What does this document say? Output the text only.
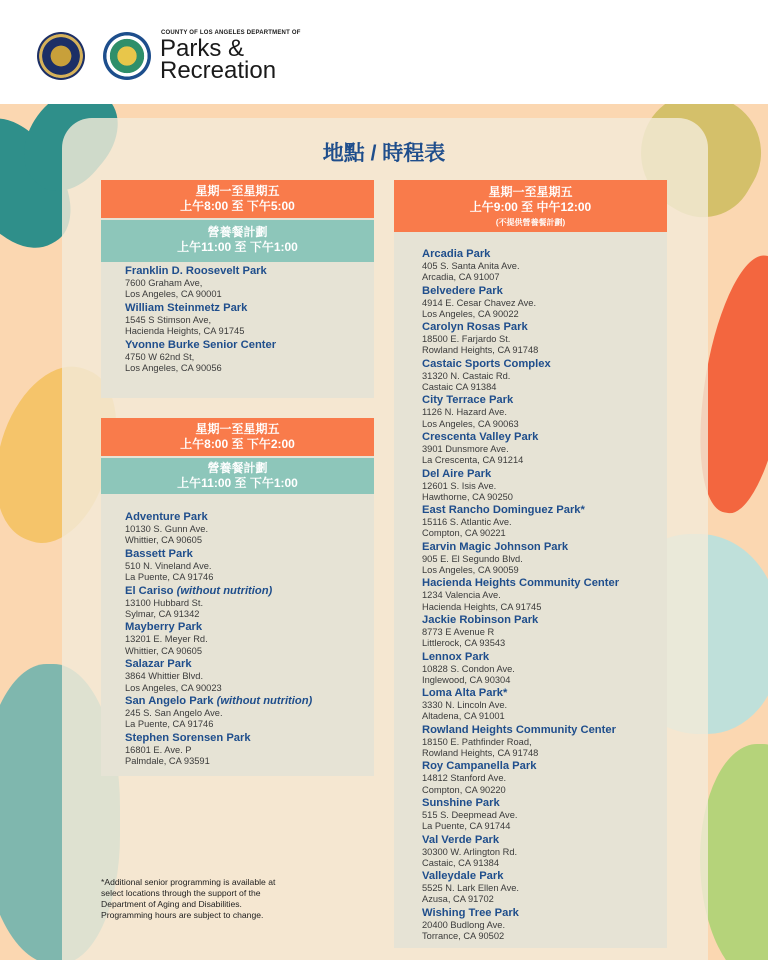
COUNTY OF LOS ANGELES DEPARTMENT OF
Parks &
Recreation
地點 / 時程表
星期一至星期五
上午8:00 至 下午5:00
營養餐計劃
上午11:00 至 下午1:00
Franklin D. Roosevelt Park
7600 Graham Ave,
Los Angeles, CA 90001
William Steinmetz Park
1545 S Stimson Ave,
Hacienda Heights, CA 91745
Yvonne Burke Senior Center
4750 W 62nd St,
Los Angeles, CA 90056
星期一至星期五
上午8:00 至 下午2:00
營養餐計劃
上午11:00 至 下午1:00
Adventure Park
10130 S. Gunn Ave.
Whittier, CA 90605
Bassett Park
510 N. Vineland Ave.
La Puente, CA 91746
El Cariso (without nutrition)
13100 Hubbard St.
Sylmar, CA 91342
Mayberry Park
13201 E. Meyer Rd.
Whittier, CA 90605
Salazar Park
3864 Whittier Blvd.
Los Angeles, CA 90023
San Angelo Park (without nutrition)
245 S. San Angelo Ave.
La Puente, CA 91746
Stephen Sorensen Park
16801 E. Ave. P
Palmdale, CA 93591
星期一至星期五
上午9:00 至 中午12:00
(不提供營養餐計劃)
Arcadia Park
405 S. Santa Anita Ave.
Arcadia, CA 91007
Belvedere Park
4914 E. Cesar Chavez Ave.
Los Angeles, CA 90022
Carolyn Rosas Park
18500 E. Farjardo St.
Rowland Heights, CA 91748
Castaic Sports Complex
31320 N. Castaic Rd.
Castaic CA 91384
City Terrace Park
1126 N. Hazard Ave.
Los Angeles, CA 90063
Crescenta Valley Park
3901 Dunsmore Ave.
La Crescenta, CA 91214
Del Aire Park
12601 S. Isis Ave.
Hawthorne, CA 90250
East Rancho Dominguez Park*
15116 S. Atlantic Ave.
Compton, CA 90221
Earvin Magic Johnson Park
905 E. El Segundo Blvd.
Los Angeles, CA 90059
Hacienda Heights Community Center
1234 Valencia Ave.
Hacienda Heights, CA 91745
Jackie Robinson Park
8773 E Avenue R
Littlerock, CA 93543
Lennox Park
10828 S. Condon Ave.
Inglewood, CA 90304
Loma Alta Park*
3330 N. Lincoln Ave.
Altadena, CA 91001
Rowland Heights Community Center
18150 E. Pathfinder Road,
Rowland Heights, CA 91748
Roy Campanella Park
14812 Stanford Ave.
Compton, CA 90220
Sunshine Park
515 S. Deepmead Ave.
La Puente, CA 91744
Val Verde Park
30300 W. Arlington Rd.
Castaic, CA 91384
Valleydale Park
5525 N. Lark Ellen Ave.
Azusa, CA 91702
Wishing Tree Park
20400 Budlong Ave.
Torrance, CA 90502
*Additional senior programming is available at select locations through the support of the Department of Aging and Disabilities. Programming hours are subject to change.
